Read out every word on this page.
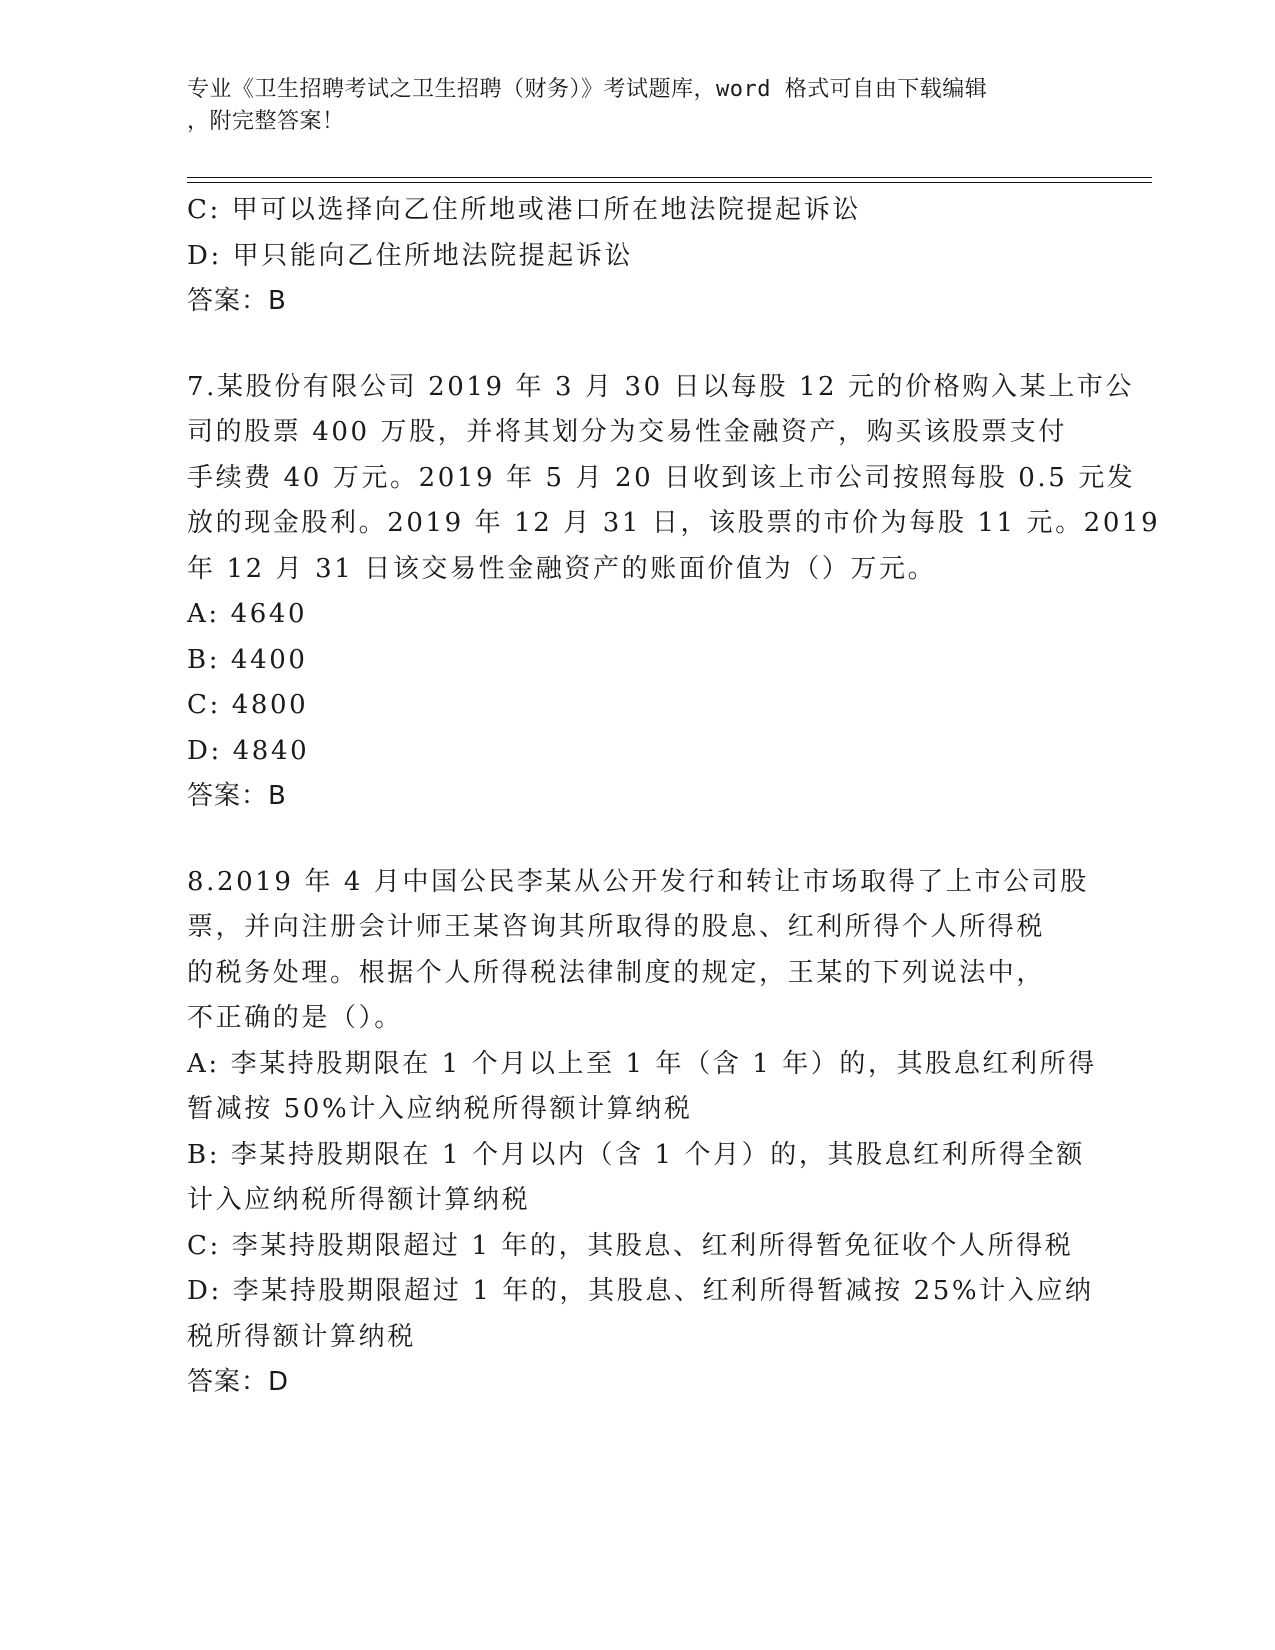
专业《卫生招聘考试之卫生招聘（财务）》考试题库，word 格式可自由下载编辑
，附完整答案！
C: 甲可以选择向乙住所地或港口所在地法院提起诉讼
D: 甲只能向乙住所地法院提起诉讼
答案：B
7.某股份有限公司 2019 年 3 月 30 日以每股 12 元的价格购入某上市公
司的股票 400 万股，并将其划分为交易性金融资产，购买该股票支付
手续费 40 万元。2019 年 5 月 20 日收到该上市公司按照每股 0.5 元发
放的现金股利。2019 年 12 月 31 日，该股票的市价为每股 11 元。2019
年 12 月 31 日该交易性金融资产的账面价值为（）万元。
A: 4640
B: 4400
C: 4800
D: 4840
答案：B
8.2019 年 4 月中国公民李某从公开发行和转让市场取得了上市公司股
票，并向注册会计师王某咨询其所取得的股息、红利所得个人所得税
的税务处理。根据个人所得税法律制度的规定，王某的下列说法中，
不正确的是（）。
A: 李某持股期限在 1 个月以上至 1 年（含 1 年）的，其股息红利所得
暂减按 50%计入应纳税所得额计算纳税
B: 李某持股期限在 1 个月以内（含 1 个月）的，其股息红利所得全额
计入应纳税所得额计算纳税
C: 李某持股期限超过 1 年的，其股息、红利所得暂免征收个人所得税
D: 李某持股期限超过 1 年的，其股息、红利所得暂减按 25%计入应纳
税所得额计算纳税
答案：D
